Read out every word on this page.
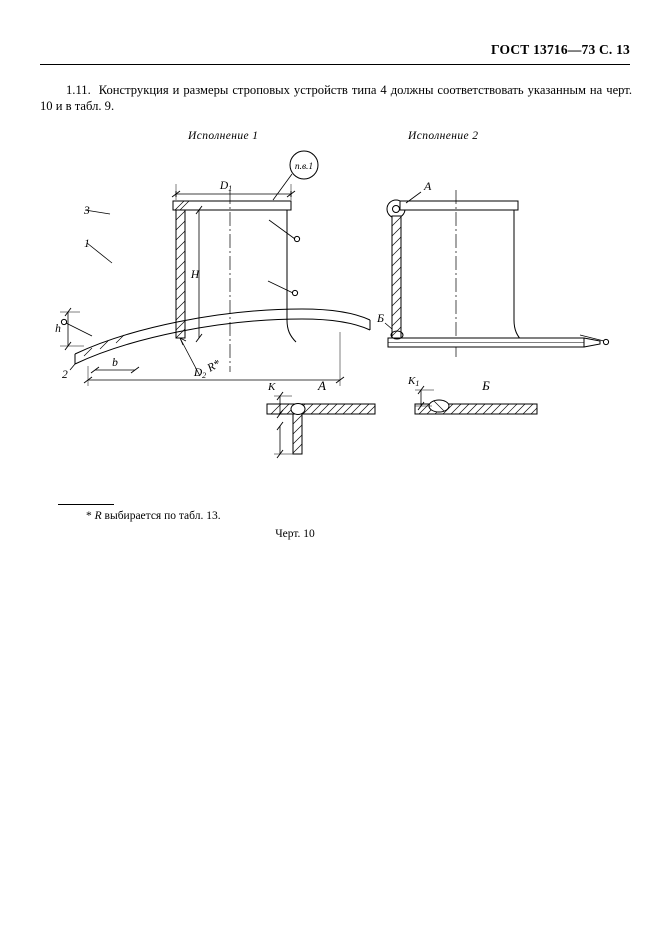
ГОСТ 13716—73 С. 13
1.11. Конструкция и размеры строповых устройств типа 4 должны соответствовать указанным на черт. 10 и в табл. 9.
Исполнение 1	Исполнение 2
п.в.1
3
1
2
D1
D2
H
h
b	R*
A
Б
A	Б
K	K1
* R выбирается по табл. 13.
Черт. 10
